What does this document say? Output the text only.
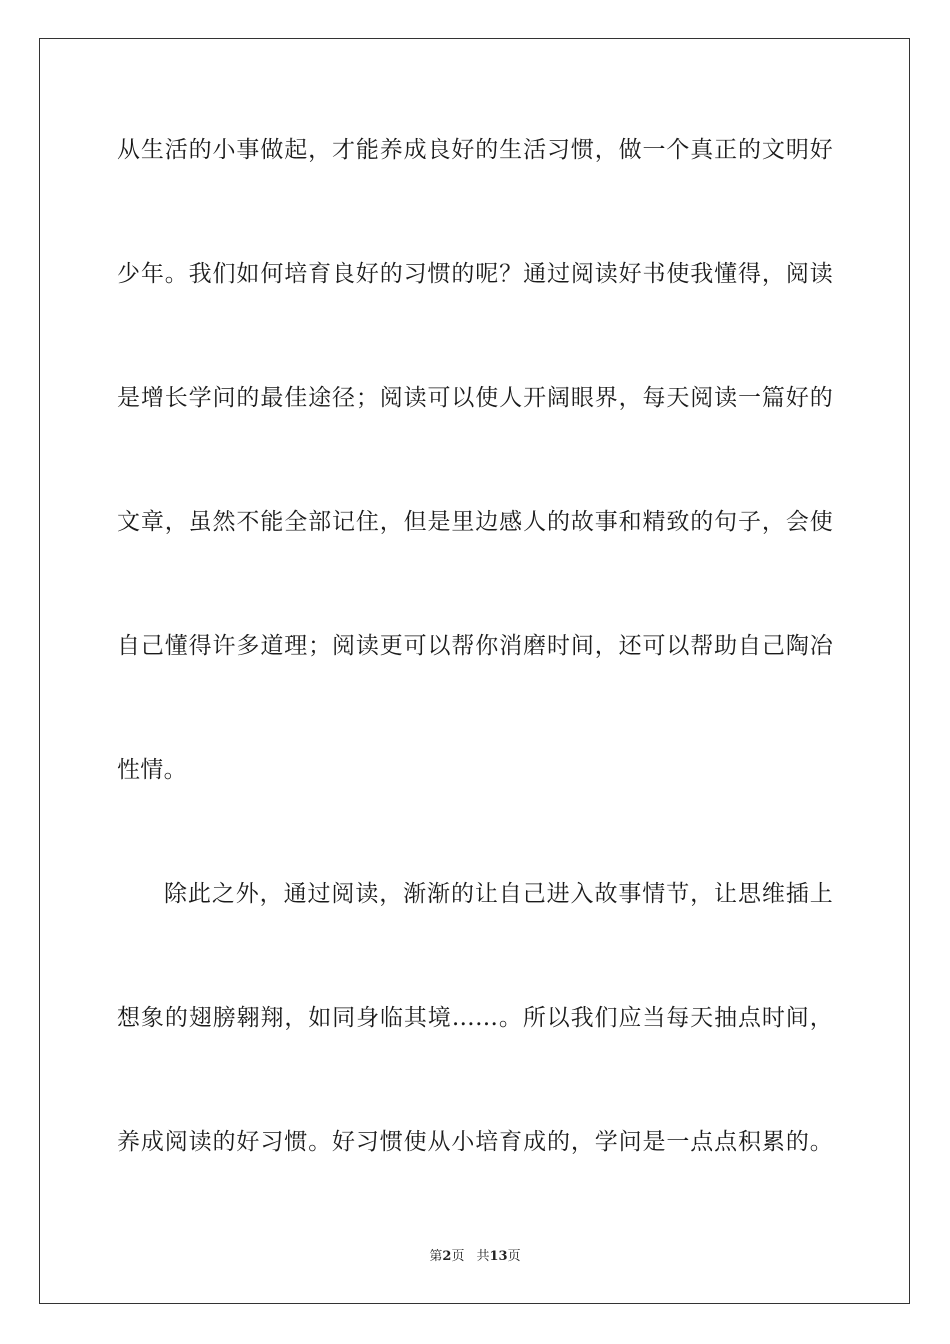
从生活的小事做起，才能养成良好的生活习惯，做一个真正的文明好
少年。我们如何培育良好的习惯的呢？通过阅读好书使我懂得，阅读
是增长学问的最佳途径；阅读可以使人开阔眼界，每天阅读一篇好的
文章，虽然不能全部记住，但是里边感人的故事和精致的句子，会使
自己懂得许多道理；阅读更可以帮你消磨时间，还可以帮助自己陶冶
性情。
除此之外，通过阅读，渐渐的让自己进入故事情节，让思维插上
想象的翅膀翱翔，如同身临其境……。所以我们应当每天抽点时间，
养成阅读的好习惯。好习惯使从小培育成的，学问是一点点积累的。
第2页 共13页
